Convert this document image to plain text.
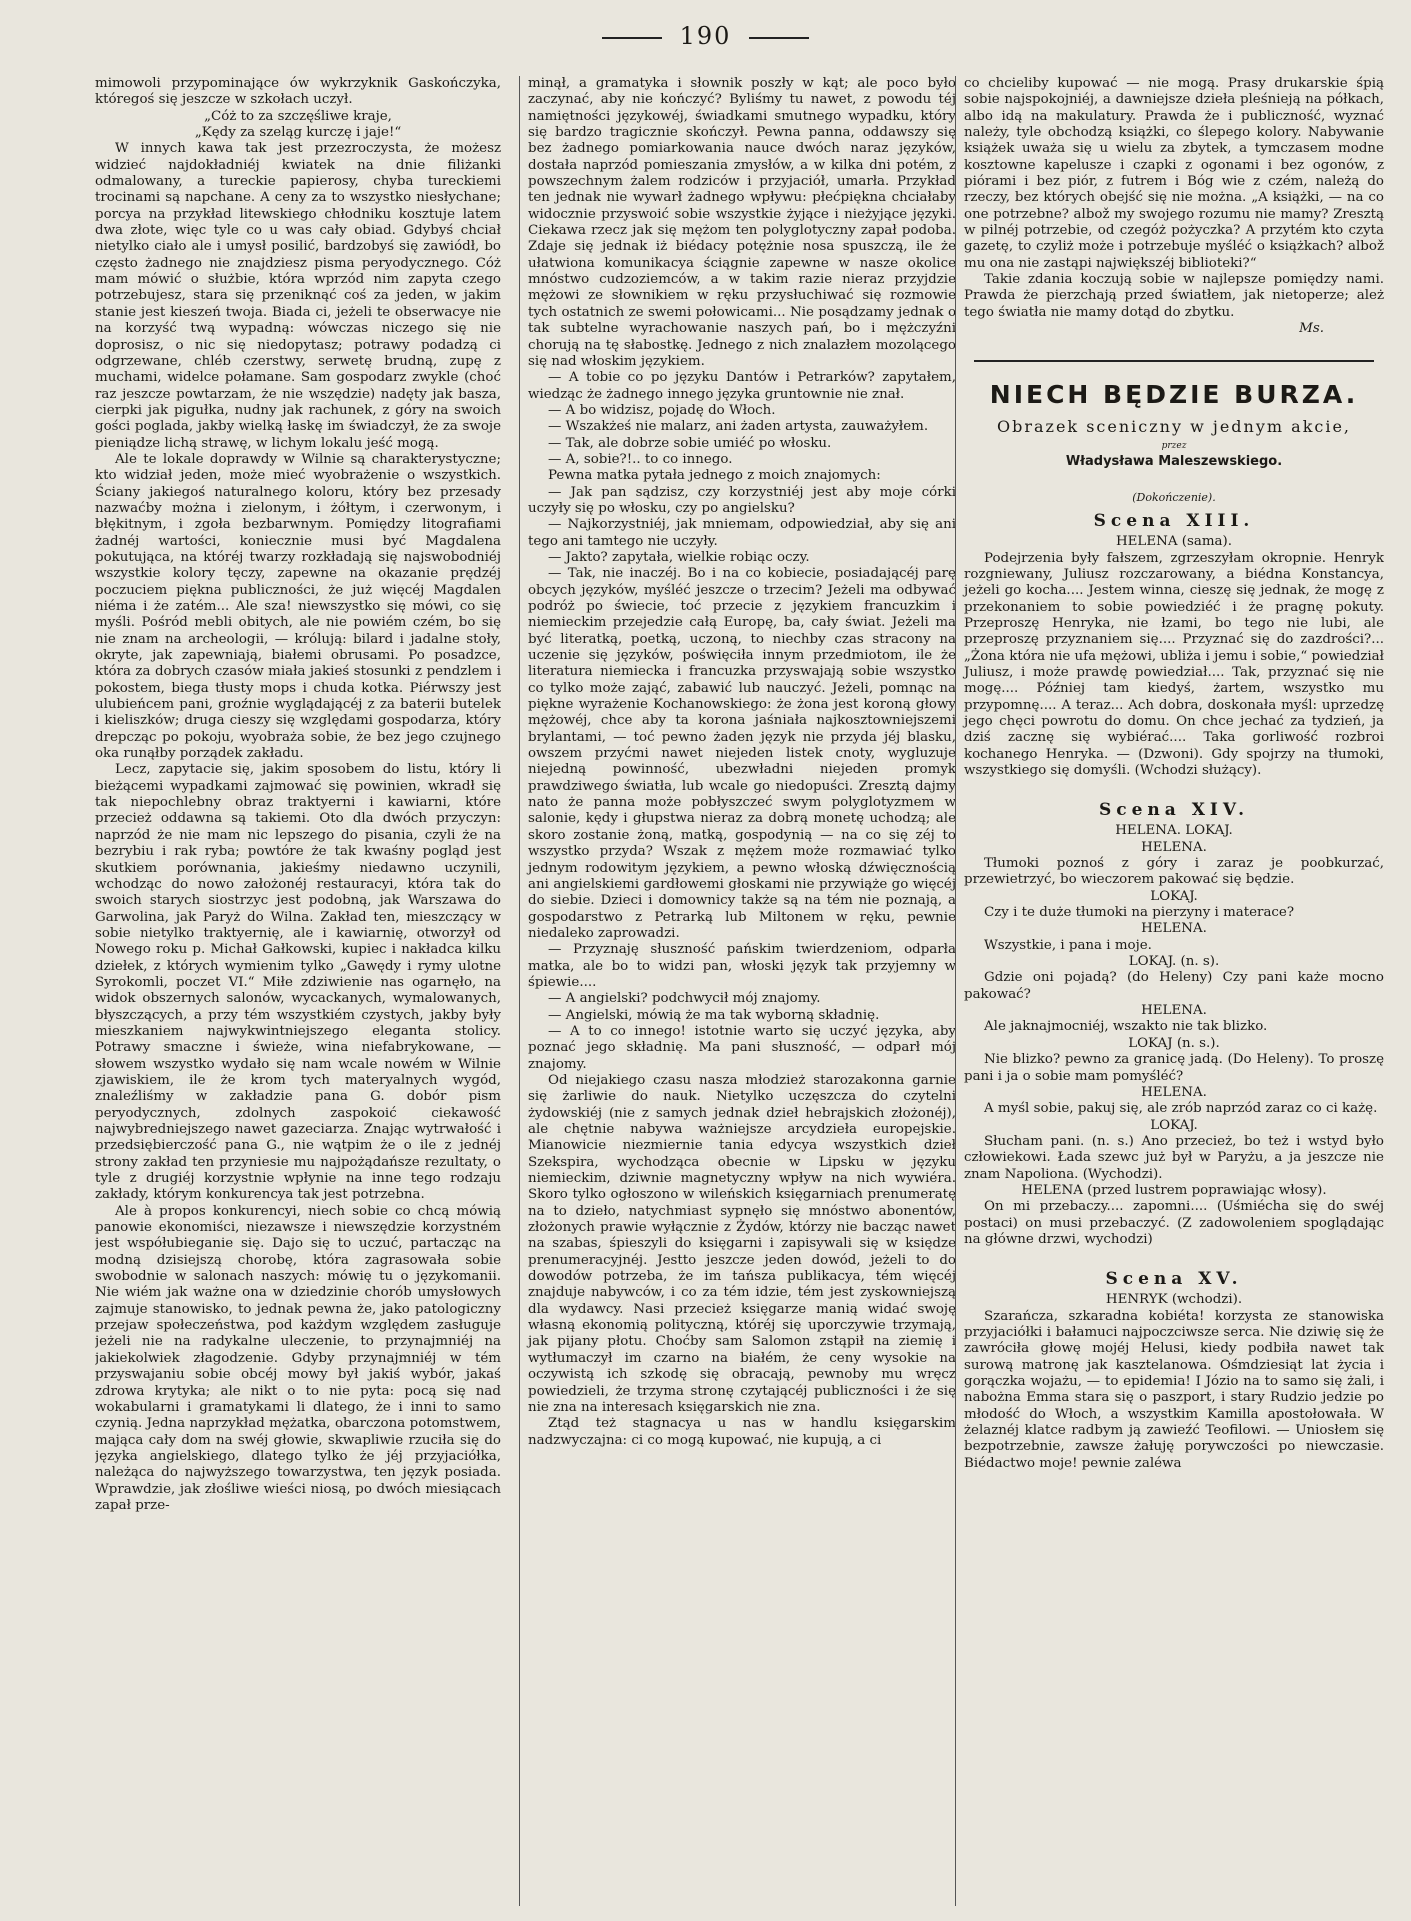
190

mimowoli przypominające ów wykrzyknik Gaskończyka, któregoś się jeszcze w szkołach uczył.

„Cóż to za szczęśliwe kraje,

„Kędy za szeląg kurczę i jaje!“

W innych kawa tak jest przezroczysta, że możesz widzieć najdokładniéj kwiatek na dnie filiżanki odmalowany, a tureckie papierosy, chyba tureckiemi trocinami są napchane. A ceny za to wszystko niesłychane; porcya na przykład litewskiego chłodniku kosztuje latem dwa złote, więc tyle co u was cały obiad. Gdybyś chciał nietylko ciało ale i umysł posilić, bardzobyś się zawiódł, bo często żadnego nie znajdziesz pisma peryodycznego. Cóż mam mówić o służbie, która wprzód nim zapyta czego potrzebujesz, stara się przeniknąć coś za jeden, w jakim stanie jest kieszeń twoja. Biada ci, jeżeli te obserwacye nie na korzyść twą wypadną: wówczas niczego się nie doprosisz, o nic się niedopytasz; potrawy podadzą ci odgrzewane, chléb czerstwy, serwetę brudną, zupę z muchami, widelce połamane. Sam gospodarz zwykle (choć raz jeszcze powtarzam, że nie wszędzie) nadęty jak basza, cierpki jak pigułka, nudny jak rachunek, z góry na swoich gości poglada, jakby wielką łaskę im świadczył, że za swoje pieniądze lichą strawę, w lichym lokalu jeść mogą.

Ale te lokale doprawdy w Wilnie są charakterystyczne; kto widział jeden, może mieć wyobrażenie o wszystkich. Ściany jakiegoś naturalnego koloru, który bez przesady nazwaćby można i zielonym, i żółtym, i czerwonym, i błękitnym, i zgoła bezbarwnym. Pomiędzy litografiami żadnéj wartości, koniecznie musi być Magdalena pokutująca, na któréj twarzy rozkładają się najswobodniéj wszystkie kolory tęczy, zapewne na okazanie prędzéj poczuciem piękna publiczności, że już więcéj Magdalen niéma i że zatém... Ale sza! niewszystko się mówi, co się myśli. Pośród mebli obitych, ale nie powiém czém, bo się nie znam na archeologii, — królują: bilard i jadalne stoły, okryte, jak zapewniają, białemi obrusami. Po posadzce, która za dobrych czasów miała jakieś stosunki z pendzlem i pokostem, biega tłusty mops i chuda kotka. Piérwszy jest ulubieńcem pani, groźnie wyglądającéj z za baterii butelek i kieliszków; druga cieszy się względami gospodarza, który drepcząc po pokoju, wyobraża sobie, że bez jego czujnego oka runąłby porządek zakładu.

Lecz, zapytacie się, jakim sposobem do listu, który li bieżącemi wypadkami zajmować się powinien, wkradł się tak niepochlebny obraz traktyerni i kawiarni, które przecież oddawna są takiemi. Oto dla dwóch przyczyn: naprzód że nie mam nic lepszego do pisania, czyli że na bezrybiu i rak ryba; powtóre że tak kwaśny pogląd jest skutkiem porównania, jakieśmy niedawno uczynili, wchodząc do nowo założonéj restauracyi, która tak do swoich starych siostrzyc jest podobną, jak Warszawa do Garwolina, jak Paryż do Wilna. Zakład ten, mieszczący w sobie nietylko traktyernię, ale i kawiarnię, otworzył od Nowego roku p. Michał Gałkowski, kupiec i nakładca kilku dziełek, z których wymienim tylko „Gawędy i rymy ulotne Syrokomli, poczet VI.“ Miłe zdziwienie nas ogarnęło, na widok obszernych salonów, wycackanych, wymalowanych, błyszczących, a przy tém wszystkiém czystych, jakby były mieszkaniem najwykwintniejszego eleganta stolicy. Potrawy smaczne i świeże, wina niefabrykowane, — słowem wszystko wydało się nam wcale nowém w Wilnie zjawiskiem, ile że krom tych materyalnych wygód, znaleźliśmy w zakładzie pana G. dobór pism peryodycznych, zdolnych zaspokoić ciekawość najwybredniejszego nawet gazeciarza. Znając wytrwałość i przedsiębierczość pana G., nie wątpim że o ile z jednéj strony zakład ten przyniesie mu najpożądańsze rezultaty, o tyle z drugiéj korzystnie wpłynie na inne tego rodzaju zakłady, którym konkurencya tak jest potrzebna.

Ale à propos konkurencyi, niech sobie co chcą mówią panowie ekonomiści, niezawsze i niewszędzie korzystném jest współubieganie się. Dajo się to uczuć, partacząc na modną dzisiejszą chorobę, która zagrasowała sobie swobodnie w salonach naszych: mówię tu o językomanii. Nie wiém jak ważne ona w dziedzinie chorób umysłowych zajmuje stanowisko, to jednak pewna że, jako patologiczny przejaw społeczeństwa, pod każdym względem zasługuje jeżeli nie na radykalne uleczenie, to przynajmniéj na jakiekolwiek złagodzenie. Gdyby przynajmniéj w tém przyswajaniu sobie obcéj mowy był jakiś wybór, jakaś zdrowa krytyka; ale nikt o to nie pyta: pocą się nad wokabularni i gramatykami li dlatego, że i inni to samo czynią. Jedna naprzykład mężatka, obarczona potomstwem, mająca cały dom na swéj głowie, skwapliwie rzuciła się do języka angielskiego, dlatego tylko że jéj przyjaciółka, należąca do najwyższego towarzystwa, ten język posiada. Wprawdzie, jak złośliwe wieści niosą, po dwóch miesiącach zapał prze-

minął, a gramatyka i słownik poszły w kąt; ale poco było zaczynać, aby nie kończyć? Byliśmy tu nawet, z powodu téj namiętności językowéj, świadkami smutnego wypadku, który się bardzo tragicznie skończył. Pewna panna, oddawszy się bez żadnego pomiarkowania nauce dwóch naraz języków, dostała naprzód pomieszania zmysłów, a w kilka dni potém, z powszechnym żalem rodziców i przyjaciół, umarła. Przykład ten jednak nie wywarł żadnego wpływu: płećpiękna chciałaby widocznie przyswoić sobie wszystkie żyjące i nieżyjące języki. Ciekawa rzecz jak się mężom ten polyglotyczny zapał podoba. Zdaje się jednak iż biédacy potężnie nosa spuszczą, ile że ułatwiona komunikacya ściągnie zapewne w nasze okolice mnóstwo cudzoziemców, a w takim razie nieraz przyjdzie mężowi ze słownikiem w ręku przysłuchiwać się rozmowie tych ostatnich ze swemi połowicami... Nie posądzamy jednak o tak subtelne wyrachowanie naszych pań, bo i mężczyźni chorują na tę słabostkę. Jednego z nich znalazłem mozolącego się nad włoskim językiem.

— A tobie co po języku Dantów i Petrarków? zapytałem, wiedząc że żadnego innego języka gruntownie nie znał.

— A bo widzisz, pojadę do Włoch.

— Wszakżeś nie malarz, ani żaden artysta, zauważyłem.

— Tak, ale dobrze sobie umiéć po włosku.

— A, sobie?!.. to co innego.

Pewna matka pytała jednego z moich znajomych:

— Jak pan sądzisz, czy korzystniéj jest aby moje córki uczyły się po włosku, czy po angielsku?

— Najkorzystniéj, jak mniemam, odpowiedział, aby się ani tego ani tamtego nie uczyły.

— Jakto? zapytała, wielkie robiąc oczy.

— Tak, nie inaczéj. Bo i na co kobiecie, posiadającéj parę obcych języków, myśléć jeszcze o trzecim? Jeżeli ma odbywać podróż po świecie, toć przecie z językiem francuzkim i niemieckim przejedzie całą Europę, ba, cały świat. Jeżeli ma być literatką, poetką, uczoną, to niechby czas stracony na uczenie się języków, poświęciła innym przedmiotom, ile że literatura niemiecka i francuzka przyswajają sobie wszystko co tylko może zająć, zabawić lub nauczyć. Jeżeli, pomnąc na piękne wyrażenie Kochanowskiego: że żona jest koroną głowy mężowéj, chce aby ta korona jaśniała najkosztowniejszemi brylantami, — toć pewno żaden język nie przyda jéj blasku, owszem przyćmi nawet niejeden listek cnoty, wygluzuje niejedną powinność, ubezwładni niejeden promyk prawdziwego światła, lub wcale go niedopuści. Zresztą dajmy nato że panna może pobłyszczeć swym polyglotyzmem w salonie, kędy i głupstwa nieraz za dobrą monetę uchodzą; ale skoro zostanie żoną, matką, gospodynią — na co się zéj to wszystko przyda? Wszak z mężem może rozmawiać tylko jednym rodowitym językiem, a pewno włoską dźwięcznością ani angielskiemi gardłowemi głoskami nie przywiąże go więcéj do siebie. Dzieci i domownicy także są na tém nie poznają, a gospodarstwo z Petrarką lub Miltonem w ręku, pewnie niedaleko zaprowadzi.

— Przyznaję słuszność pańskim twierdzeniom, odparła matka, ale bo to widzi pan, włoski język tak przyjemny w śpiewie....

— A angielski? podchwycił mój znajomy.

— Angielski, mówią że ma tak wyborną składnię.

— A to co innego! istotnie warto się uczyć języka, aby poznać jego składnię. Ma pani słuszność, — odparł mój znajomy.

Od niejakiego czasu nasza młodzież starozakonna garnie się żarliwie do nauk. Nietylko uczęszcza do czytelni żydowskiéj (nie z samych jednak dzieł hebrajskich złożonéj), ale chętnie nabywa ważniejsze arcydzieła europejskie. Mianowicie niezmiernie tania edycya wszystkich dzieł Szekspira, wychodząca obecnie w Lipsku w języku niemieckim, dziwnie magnetyczny wpływ na nich wywiéra. Skoro tylko ogłoszono w wileńskich księgarniach prenumeratę na to dzieło, natychmiast sypnęło się mnóstwo abonentów, złożonych prawie wyłącznie z Żydów, którzy nie bacząc nawet na szabas, śpieszyli do księgarni i zapisywali się w księdze prenumeracyjnéj. Jestto jeszcze jeden dowód, jeżeli to do dowodów potrzeba, że im tańsza publikacya, tém więcéj znajduje nabywców, i co za tém idzie, tém jest zyskowniejszą dla wydawcy. Nasi przecież księgarze manią widać swoję własną ekonomią polityczną, któréj się uporczywie trzymają, jak pijany płotu. Choćby sam Salomon zstąpił na ziemię i wytłumaczył im czarno na białém, że ceny wysokie na oczywistą ich szkodę się obracają, pewnoby mu wręcz powiedzieli, że trzyma stronę czytającéj publiczności i że się nie zna na interesach księgarskich nie zna.

Ztąd też stagnacya u nas w handlu księgarskim nadzwyczajna: ci co mogą kupować, nie kupują, a ci

co chcieliby kupować — nie mogą. Prasy drukarskie śpią sobie najspokojniéj, a dawniejsze dzieła pleśnieją na półkach, albo idą na makulatury. Prawda że i publiczność, wyznać należy, tyle obchodzą książki, co ślepego kolory. Nabywanie książek uważa się u wielu za zbytek, a tymczasem modne kosztowne kapelusze i czapki z ogonami i bez ogonów, z piórami i bez piór, z futrem i Bóg wie z czém, należą do rzeczy, bez których obejść się nie można. „A książki, — na co one potrzebne? albož my swojego rozumu nie mamy? Zresztą w pilnéj potrzebie, od czegóż pożyczka? A przytém kto czyta gazetę, to czyliż może i potrzebuje myśléć o książkach? albož mu ona nie zastąpi największéj biblioteki?“

Takie zdania koczują sobie w najlepsze pomiędzy nami. Prawda że pierzchają przed światłem, jak nietoperze; ależ tego światła nie mamy dotąd do zbytku.

Ms.

NIECH BĘDZIE BURZA.
Obrazek sceniczny w jednym akcie,
przez
Władysława Maleszewskiego.
(Dokończenie).
Scena XIII.

HELENA (sama).

Podejrzenia były fałszem, zgrzeszyłam okropnie. Henryk rozgniewany, Juliusz rozczarowany, a biédna Konstancya, jeżeli go kocha.... Jestem winna, cieszę się jednak, że mogę z przekonaniem to sobie powiedziéć i że pragnę pokuty. Przeproszę Henryka, nie łzami, bo tego nie lubi, ale przeproszę przyznaniem się.... Przyznać się do zazdrości?... „Żona która nie ufa mężowi, ubliża i jemu i sobie,“ powiedział Juliusz, i może prawdę powiedział.... Tak, przyznać się nie mogę.... Później tam kiedyś, żartem, wszystko mu przypomnę.... A teraz... Ach dobra, doskonała myśl: uprzedzę jego chęci powrotu do domu. On chce jechać za tydzień, ja dziś zacznę się wybiérać.... Taka gorliwość rozbroi kochanego Henryka. — (Dzwoni). Gdy spojrzy na tłumoki, wszystkiego się domyśli. (Wchodzi służący).

Scena XIV.

HELENA. LOKAJ.

HELENA.

Tłumoki poznoś z góry i zaraz je poobkurzać, przewietrzyć, bo wieczorem pakować się będzie.

LOKAJ.

Czy i te duże tłumoki na pierzyny i materace?

HELENA.

Wszystkie, i pana i moje.

LOKAJ. (n. s).

Gdzie oni pojadą? (do Heleny) Czy pani każe mocno pakować?

HELENA.

Ale jaknajmocniéj, wszakto nie tak blizko.

LOKAJ (n. s.).

Nie blizko? pewno za granicę jadą. (Do Heleny). To proszę pani i ja o sobie mam pomyśléć?

HELENA.

A myśl sobie, pakuj się, ale zrób naprzód zaraz co ci każę.

LOKAJ.

Słucham pani. (n. s.) Ano przecież, bo też i wstyd było człowiekowi. Łada szewc już był w Paryżu, a ja jeszcze nie znam Napoliona. (Wychodzi).

HELENA (przed lustrem poprawiając włosy).

On mi przebaczy.... zapomni.... (Uśmiécha się do swéj postaci) on musi przebaczyć. (Z zadowoleniem spoglądając na główne drzwi, wychodzi)

Scena XV.

HENRYK (wchodzi).

Szarańcza, szkaradna kobiéta! korzysta ze stanowiska przyjaciółki i bałamuci najpoczciwsze serca. Nie dziwię się że zawróciła głowę mojéj Helusi, kiedy podbiła nawet tak surową matronę jak kasztelanowa. Ośmdziesiąt lat życia i gorączka wojażu, — to epidemia! I Józio na to samo się żali, i nabożna Emma stara się o paszport, i stary Rudzio jedzie po młodość do Włoch, a wszystkim Kamilla apostołowała. W żelaznéj klatce radbym ją zawieźć Teofilowi. — Uniosłem się bezpotrzebnie, zawsze żałuję porywczości po niewczasie. Biédactwo moje! pewnie zaléwa
